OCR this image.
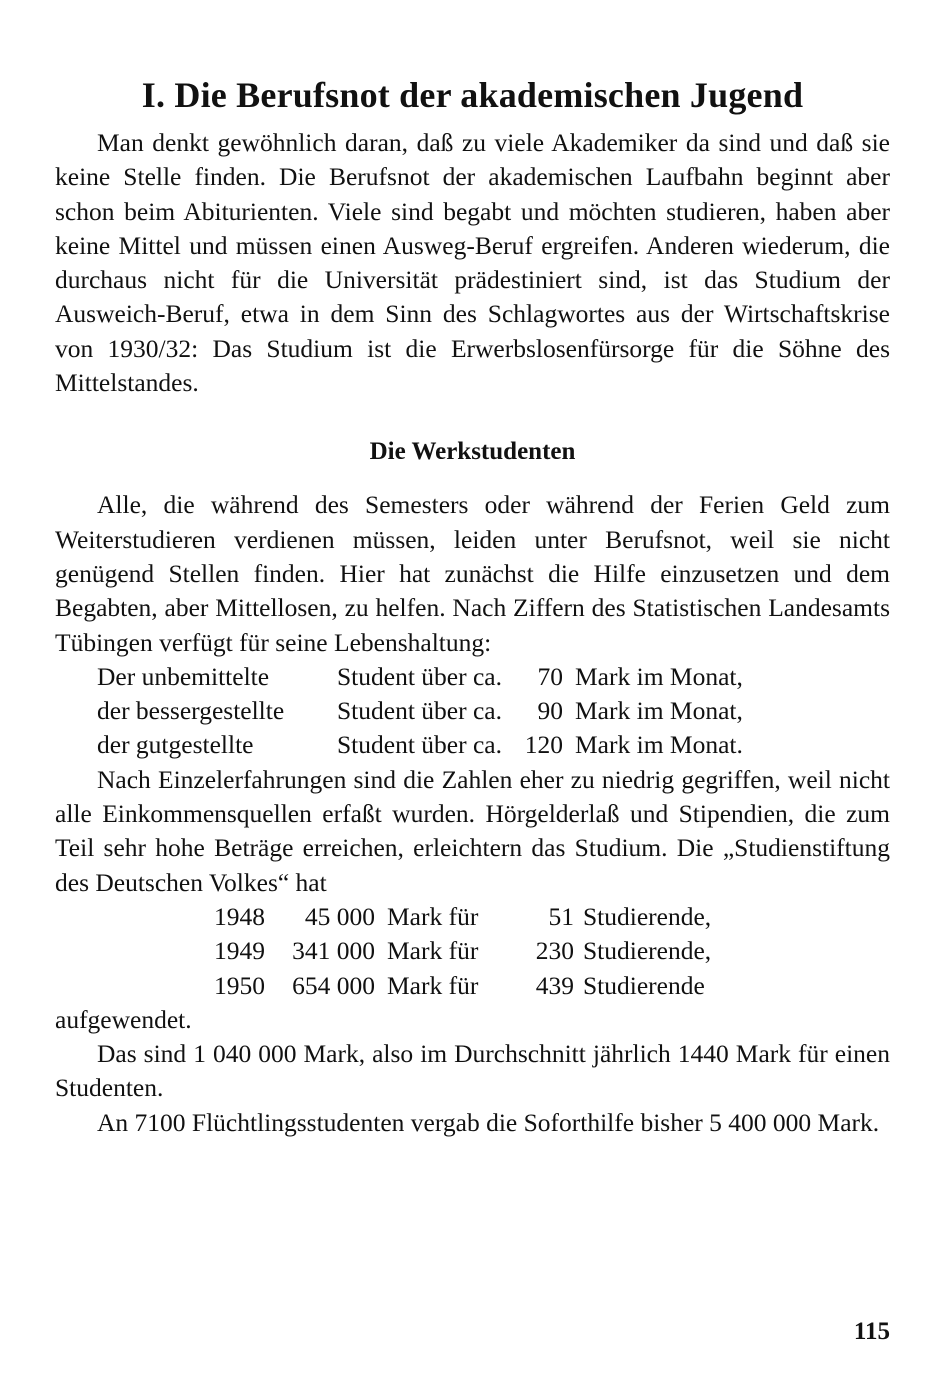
I. Die Berufsnot der akademischen Jugend

Man denkt gewöhnlich daran, daß zu viele Akademiker da sind und daß sie keine Stelle finden. Die Berufsnot der akademischen Laufbahn beginnt aber schon beim Abiturienten. Viele sind begabt und möchten studieren, haben aber keine Mittel und müssen einen Ausweg-Beruf ergreifen. Anderen wiederum, die durchaus nicht für die Universität prädestiniert sind, ist das Studium der Ausweich-Beruf, etwa in dem Sinn des Schlagwortes aus der Wirtschaftskrise von 1930/32: Das Studium ist die Erwerbslosenfürsorge für die Söhne des Mittelstandes.

Die Werkstudenten

Alle, die während des Semesters oder während der Ferien Geld zum Weiterstudieren verdienen müssen, leiden unter Berufsnot, weil sie nicht genügend Stellen finden. Hier hat zunächst die Hilfe einzusetzen und dem Begabten, aber Mittellosen, zu helfen. Nach Ziffern des Statistischen Landesamts Tübingen verfügt für seine Lebenshaltung:

Der unbemittelte	Student über ca.	70 Mark im Monat,
der bessergestellte	Student über ca.	90 Mark im Monat,
der gutgestellte	Student über ca. 120 Mark im Monat.

Nach Einzelerfahrungen sind die Zahlen eher zu niedrig gegriffen, weil nicht alle Einkommensquellen erfaßt wurden. Hörgelderlaß und Stipendien, die zum Teil sehr hohe Beträge erreichen, erleichtern das Studium. Die „Studienstiftung des Deutschen Volkes“ hat

1948	45 000 Mark für	51 Studierende,
1949	341 000 Mark für	230 Studierende,
1950	654 000 Mark für	439 Studierende

aufgewendet.

Das sind 1 040 000 Mark, also im Durchschnitt jährlich 1440 Mark für einen Studenten.

An 7100 Flüchtlingsstudenten vergab die Soforthilfe bisher 5 400 000 Mark.

115
